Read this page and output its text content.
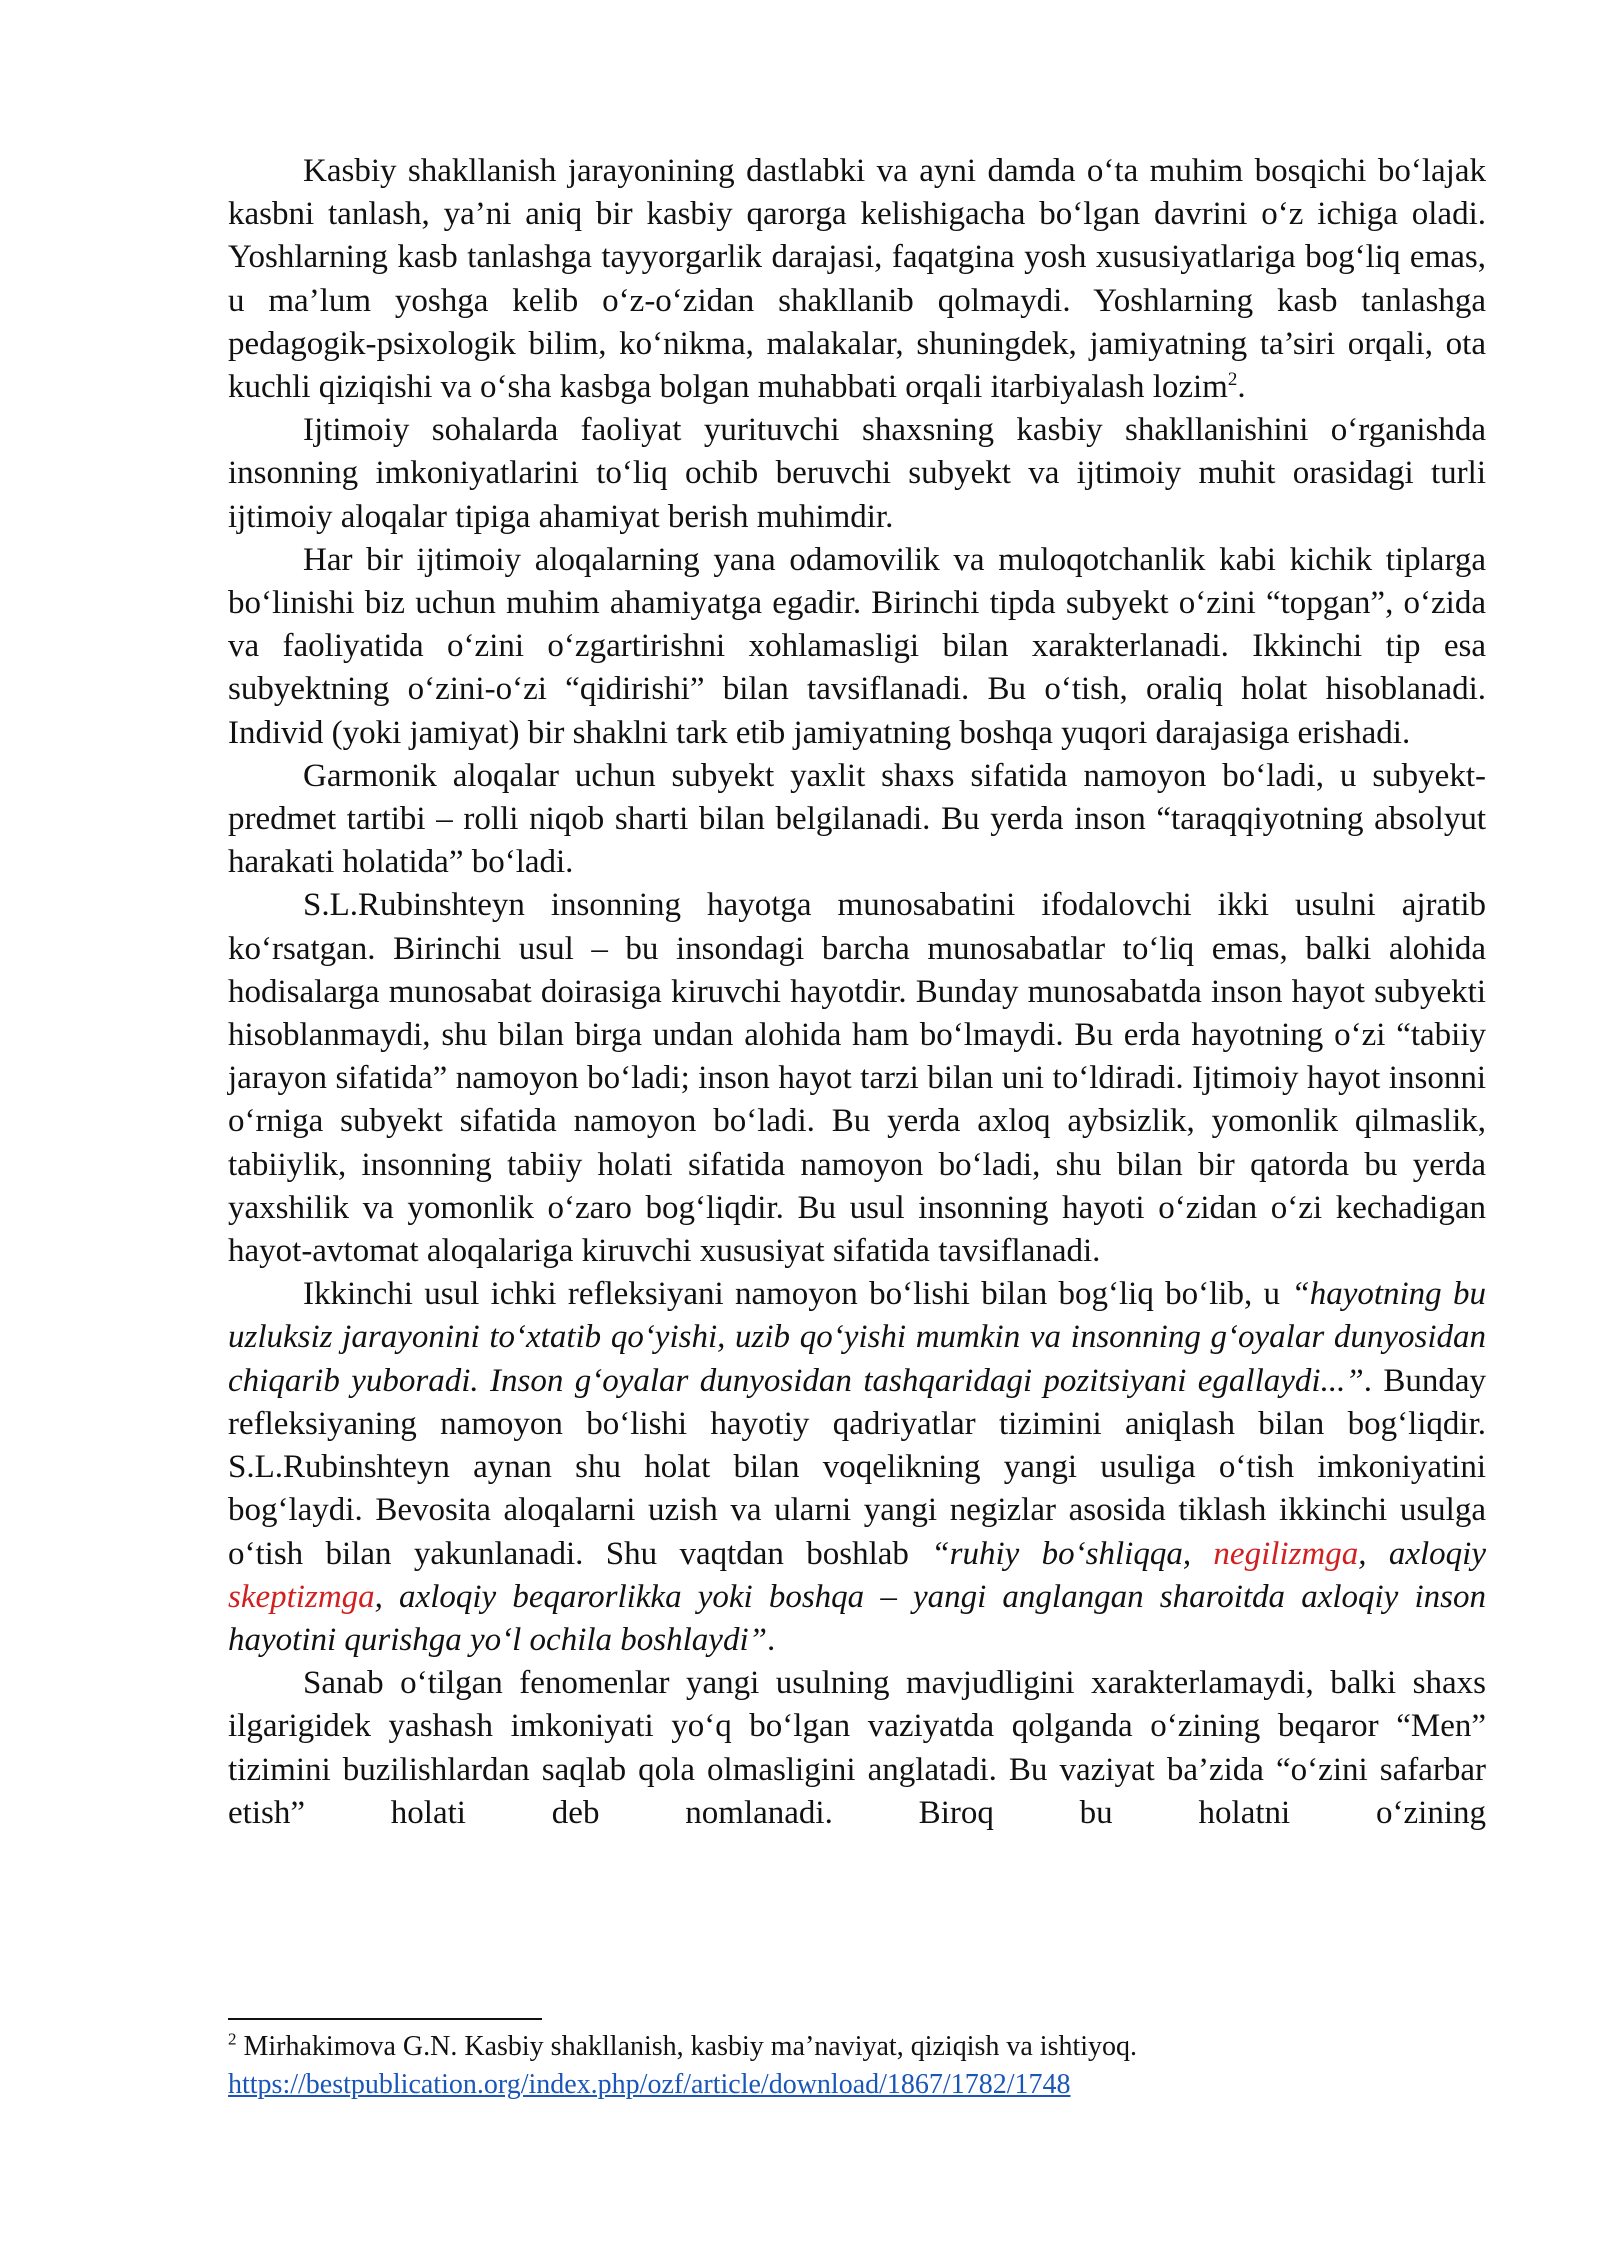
Kasbiy shakllanish jarayonining dastlabki va ayni damda o‘ta muhim bosqichi bo‘lajak kasbni tanlash, ya’ni aniq bir kasbiy qarorga kelishigacha bo‘lgan davrini o‘z ichiga oladi. Yoshlarning kasb tanlashga tayyorgarlik darajasi, faqatgina yosh xususiyatlariga bog‘liq emas, u ma’lum yoshga kelib o‘z-o‘zidan shakllanib qolmaydi. Yoshlarning kasb tanlashga pedagogik-psixologik bilim, ko‘nikma, malakalar, shuningdek, jamiyatning ta’siri orqali, ota kuchli qiziqishi va o‘sha kasbga bolgan muhabbati orqali itarbiyalash lozim$^2$.

Ijtimoiy sohalarda faoliyat yurituvchi shaxsning kasbiy shakllanishini o‘rganishda insonning imkoniyatlarini to‘liq ochib beruvchi subyekt va ijtimoiy muhit orasidagi turli ijtimoiy aloqalar tipiga ahamiyat berish muhimdir.

Har bir ijtimoiy aloqalarning yana odamovilik va muloqotchanlik kabi kichik tiplarga bo‘linishi biz uchun muhim ahamiyatga egadir. Birinchi tipda subyekt o‘zini “topgan”, o‘zida va faoliyatida o‘zini o‘zgartirishni xohlamasligi bilan xarakterlanadi. Ikkinchi tip esa subyektning o‘zini-o‘zi “qidirishi” bilan tavsiflanadi. Bu o‘tish, oraliq holat hisoblanadi. Individ (yoki jamiyat) bir shaklni tark etib jamiyatning boshqa yuqori darajasiga erishadi.

Garmonik aloqalar uchun subyekt yaxlit shaxs sifatida namoyon bo‘ladi, u subyekt-predmet tartibi – rolli niqob sharti bilan belgilanadi. Bu yerda inson “taraqqiyotning absolyut harakati holatida” bo‘ladi.

S.L.Rubinshteyn insonning hayotga munosabatini ifodalovchi ikki usulni ajratib ko‘rsatgan. Birinchi usul – bu insondagi barcha munosabatlar to‘liq emas, balki alohida hodisalarga munosabat doirasiga kiruvchi hayotdir. Bunday munosabatda inson hayot subyekti hisoblanmaydi, shu bilan birga undan alohida ham bo‘lmaydi. Bu erda hayotning o‘zi “tabiiy jarayon sifatida” namoyon bo‘ladi; inson hayot tarzi bilan uni to‘ldiradi. Ijtimoiy hayot insonni o‘rniga subyekt sifatida namoyon bo‘ladi. Bu yerda axloq aybsizlik, yomonlik qilmaslik, tabiiylik, insonning tabiiy holati sifatida namoyon bo‘ladi, shu bilan bir qatorda bu yerda yaxshilik va yomonlik o‘zaro bog‘liqdir. Bu usul insonning hayoti o‘zidan o‘zi kechadigan hayot-avtomat aloqalariga kiruvchi xususiyat sifatida tavsiflanadi.

Ikkinchi usul ichki refleksiyani namoyon bo‘lishi bilan bog‘liq bo‘lib, u “hayotning bu uzluksiz jarayonini to‘xtatib qo‘yishi, uzib qo‘yishi mumkin va insonning g‘oyalar dunyosidan chiqarib yuboradi. Inson g‘oyalar dunyosidan tashqaridagi pozitsiyani egallaydi...”. Bunday refleksiyaning namoyon bo‘lishi hayotiy qadriyatlar tizimini aniqlash bilan bog‘liqdir. S.L.Rubinshteyn aynan shu holat bilan voqelikning yangi usuliga o‘tish imkoniyatini bog‘laydi. Bevosita aloqalarni uzish va ularni yangi negizlar asosida tiklash ikkinchi usulga o‘tish bilan yakunlanadi. Shu vaqtdan boshlab “ruhiy bo‘shliqqa, negilizmga, axloqiy skeptizmga, axloqiy beqarorlikka yoki boshqa – yangi anglangan sharoitda axloqiy inson hayotini qurishga yo‘l ochila boshlaydi”.

Sanab o‘tilgan fenomenlar yangi usulning mavjudligini xarakterlamaydi, balki shaxs ilgarigidek yashash imkoniyati yo‘q bo‘lgan vaziyatda qolganda o‘zining beqaror “Men” tizimini buzilishlardan saqlab qola olmasligini anglatadi. Bu vaziyat ba’zida “o‘zini safarbar etish” holati deb nomlanadi. Biroq bu holatni o‘zining

$^2$ Mirhakimova G.N. Kasbiy shakllanish, kasbiy ma’naviyat, qiziqish va ishtiyoq.
https://bestpublication.org/index.php/ozf/article/download/1867/1782/1748
